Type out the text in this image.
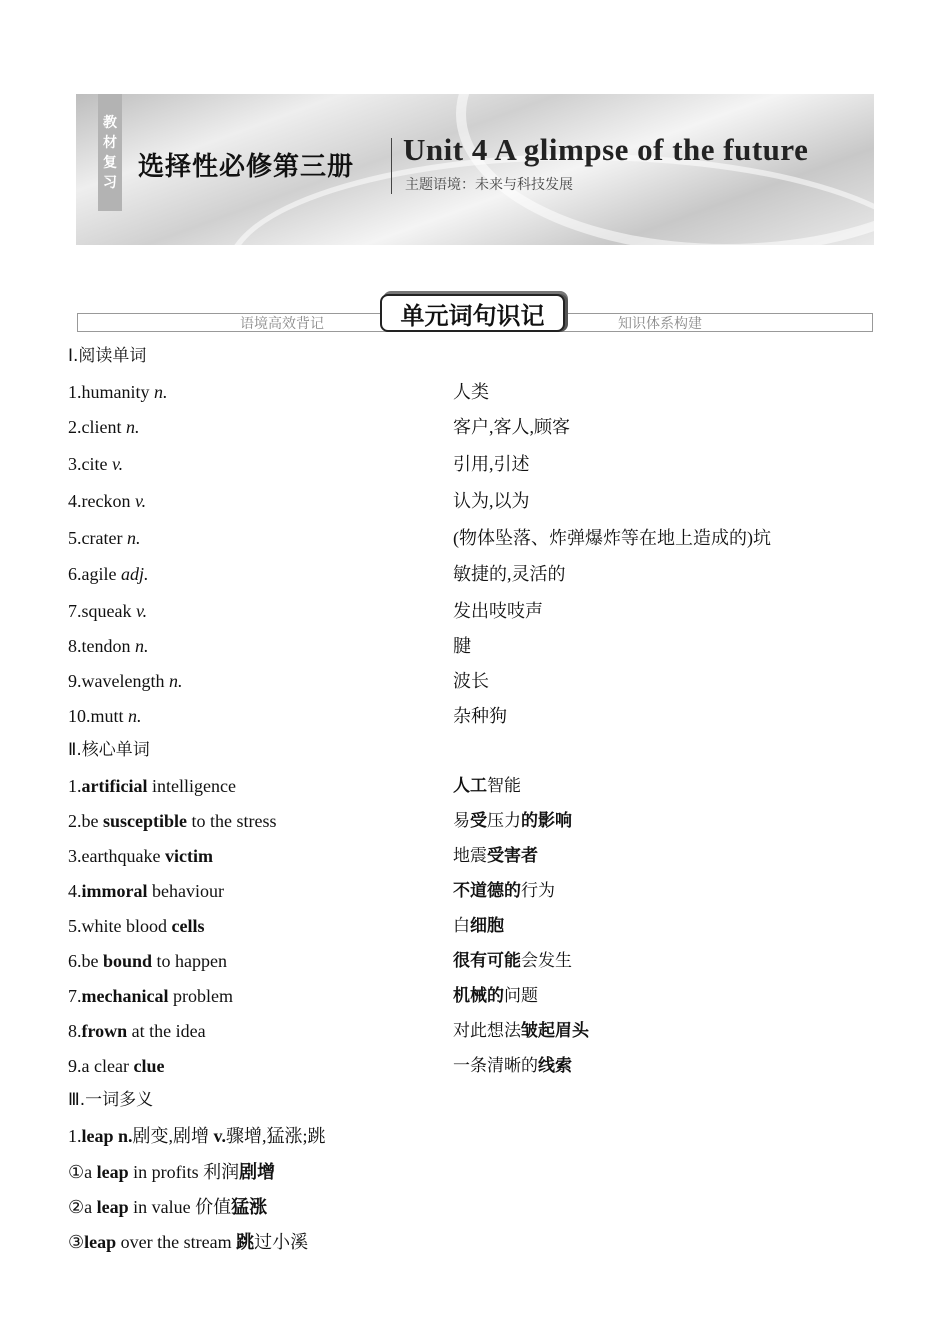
教
材
复
习
选择性必修第三册 Unit 4 A glimpse of the future
主题语境：未来与科技发展
语境高效背记	知识体系构建
单元词句识记
Ⅰ.阅读单词
1.humanity n.	人类
2.client n.	客户,客人,顾客
3.cite v.	引用,引述
4.reckon v.	认为,以为
5.crater n.	(物体坠落、炸弹爆炸等在地上造成的)坑
6.agile adj.	敏捷的,灵活的
7.squeak v.	发出吱吱声
8.tendon n.	腱
9.wavelength n.	波长
10.mutt n.	杂种狗
Ⅱ.核心单词
1.artificial intelligence	人工智能
2.be susceptible to the stress	易受压力的影响
3.earthquake victim	地震受害者
4.immoral behaviour	不道德的行为
5.white blood cells	白细胞
6.be bound to happen	很有可能会发生
7.mechanical problem	机械的问题
8.frown at the idea	对此想法皱起眉头
9.a clear clue	一条清晰的线索
Ⅲ.一词多义
1.leap n.剧变,剧增 v.骤增,猛涨;跳
①a leap in profits 利润剧增
②a leap in value 价值猛涨
③leap over the stream 跳过小溪
